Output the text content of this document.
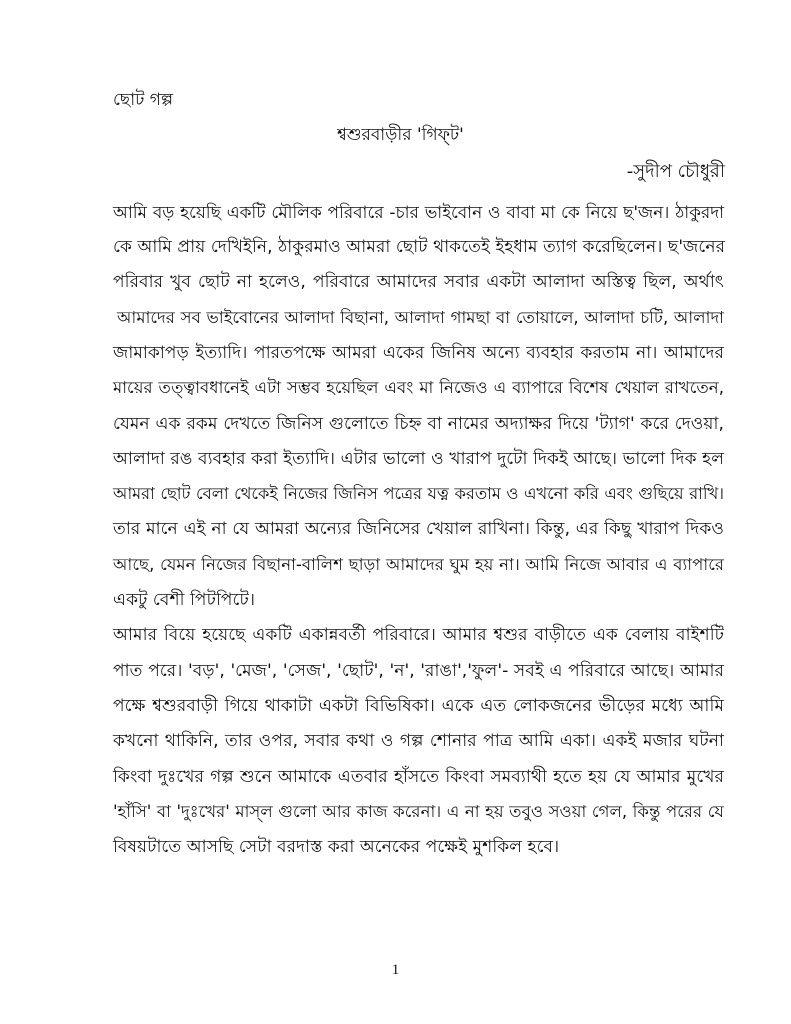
ছোট গল্প
শ্বশুরবাড়ীর 'গিফ্‌ট'
-সুদীপ চৌধুরী
আমি বড় হয়েছি একটি মৌলিক পরিবারে -চার ভাইবোন ও বাবা মা কে নিয়ে ছ'জন। ঠাকুরদা
কে আমি প্রায় দেখিইনি, ঠাকুরমাও আমরা ছোট থাকতেই ইহধাম ত্যাগ করেছিলেন। ছ'জনের
পরিবার খুব ছোট না হলেও, পরিবারে আমাদের সবার একটা আলাদা অস্তিত্ব ছিল, অর্থাৎ
আমাদের সব ভাইবোনের আলাদা বিছানা, আলাদা গামছা বা তোয়ালে, আলাদা চটি, আলাদা
জামাকাপড় ইত্যাদি। পারতপক্ষে আমরা একের জিনিষ অন্যে ব্যবহার করতাম না। আমাদের
মায়ের তত্ত্বাবধানেই এটা সম্ভব হয়েছিল এবং মা নিজেও এ ব্যাপারে বিশেষ খেয়াল রাখতেন,
যেমন এক রকম দেখতে জিনিস গুলোতে চিহ্ন বা নামের অদ্যাক্ষর দিয়ে 'ট্যাগ' করে দেওয়া,
আলাদা রঙ ব্যবহার করা ইত্যাদি। এটার ভালো ও খারাপ দুটো দিকই আছে। ভালো দিক হল
আমরা ছোট বেলা থেকেই নিজের জিনিস পত্রের যত্ন করতাম ও এখনো করি এবং গুছিয়ে রাখি।
তার মানে এই না যে আমরা অন্যের জিনিসের খেয়াল রাখিনা। কিন্তু, এর কিছু খারাপ দিকও
আছে, যেমন নিজের বিছানা-বালিশ ছাড়া আমাদের ঘুম হয় না। আমি নিজে আবার এ ব্যাপারে
একটু বেশী পিটপিটে।
আমার বিয়ে হয়েছে একটি একান্নবর্তী পরিবারে। আমার শ্বশুর বাড়ীতে এক বেলায় বাইশটি
পাত পরে। 'বড়', 'মেজ', 'সেজ', 'ছোট', 'ন', 'রাঙা','ফুল'- সবই এ পরিবারে আছে। আমার
পক্ষে শ্বশুরবাড়ী গিয়ে থাকাটা একটা বিভিষিকা। একে এত লোকজনের ভীড়ের মধ্যে আমি
কখনো থাকিনি, তার ওপর, সবার কথা ও গল্প শোনার পাত্র আমি একা। একই মজার ঘটনা
কিংবা দুঃখের গল্প শুনে আমাকে এতবার হাঁসতে কিংবা সমব্যাথী হতে হয় যে আমার মুখের
'হাঁসি' বা 'দুঃখের' মাস্‌ল গুলো আর কাজ করেনা। এ না হয় তবুও সওয়া গেল, কিন্তু পরের যে
বিষয়টাতে আসছি সেটা বরদাস্ত করা অনেকের পক্ষেই মুশকিল হবে।
1
